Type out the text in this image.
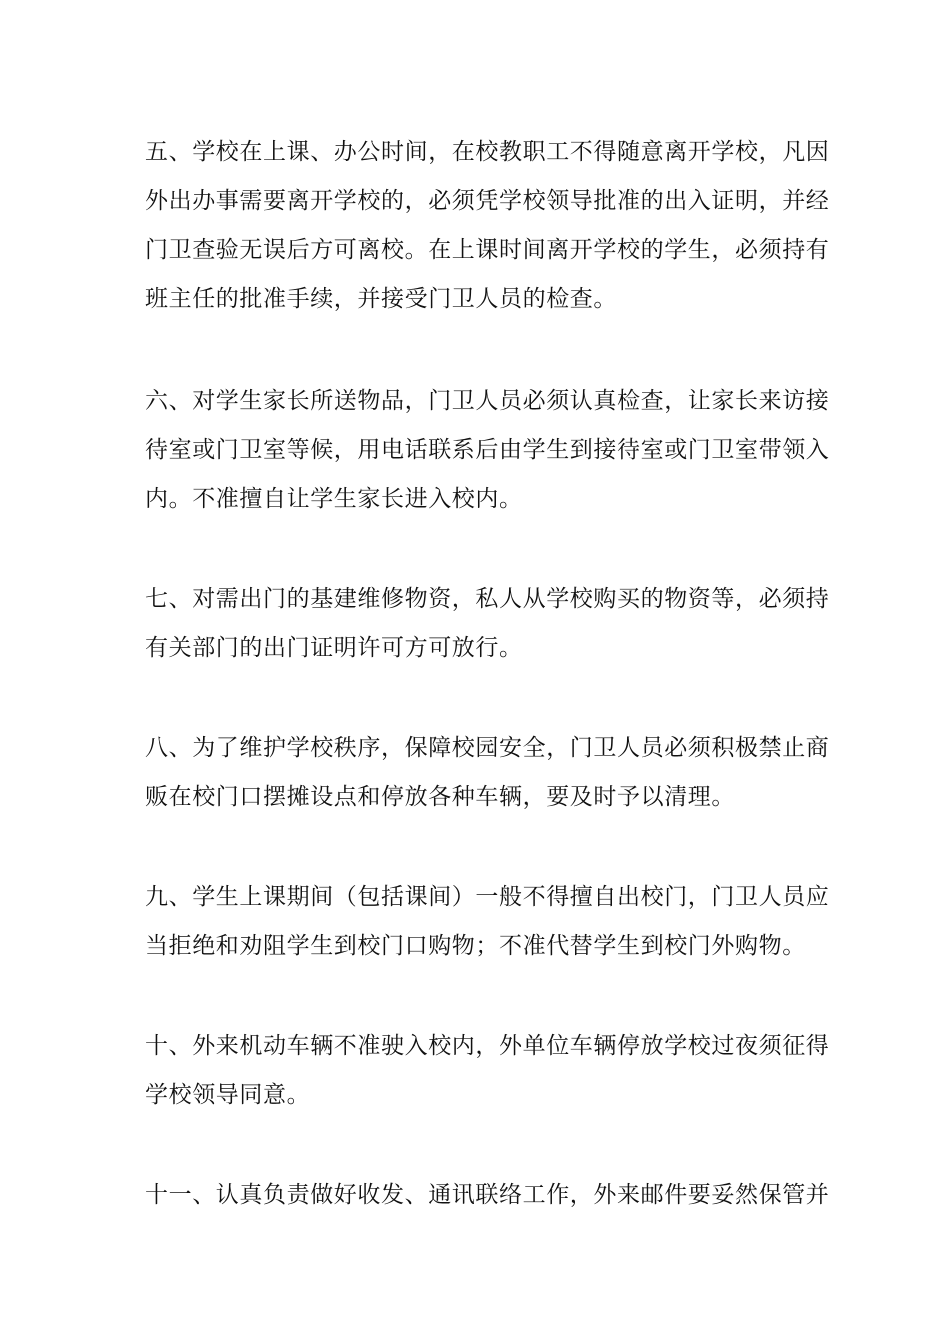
五、学校在上课、办公时间，在校教职工不得随意离开学校，凡因
外出办事需要离开学校的，必须凭学校领导批准的出入证明，并经
门卫查验无误后方可离校。在上课时间离开学校的学生，必须持有
班主任的批准手续，并接受门卫人员的检查。
六、对学生家长所送物品，门卫人员必须认真检查，让家长来访接
待室或门卫室等候，用电话联系后由学生到接待室或门卫室带领入
内。不准擅自让学生家长进入校内。
七、对需出门的基建维修物资，私人从学校购买的物资等，必须持
有关部门的出门证明许可方可放行。
八、为了维护学校秩序，保障校园安全，门卫人员必须积极禁止商
贩在校门口摆摊设点和停放各种车辆，要及时予以清理。
九、学生上课期间（包括课间）一般不得擅自出校门，门卫人员应
当拒绝和劝阻学生到校门口购物；不准代替学生到校门外购物。
十、外来机动车辆不准驶入校内，外单位车辆停放学校过夜须征得
学校领导同意。
十一、认真负责做好收发、通讯联络工作，外来邮件要妥然保管并
